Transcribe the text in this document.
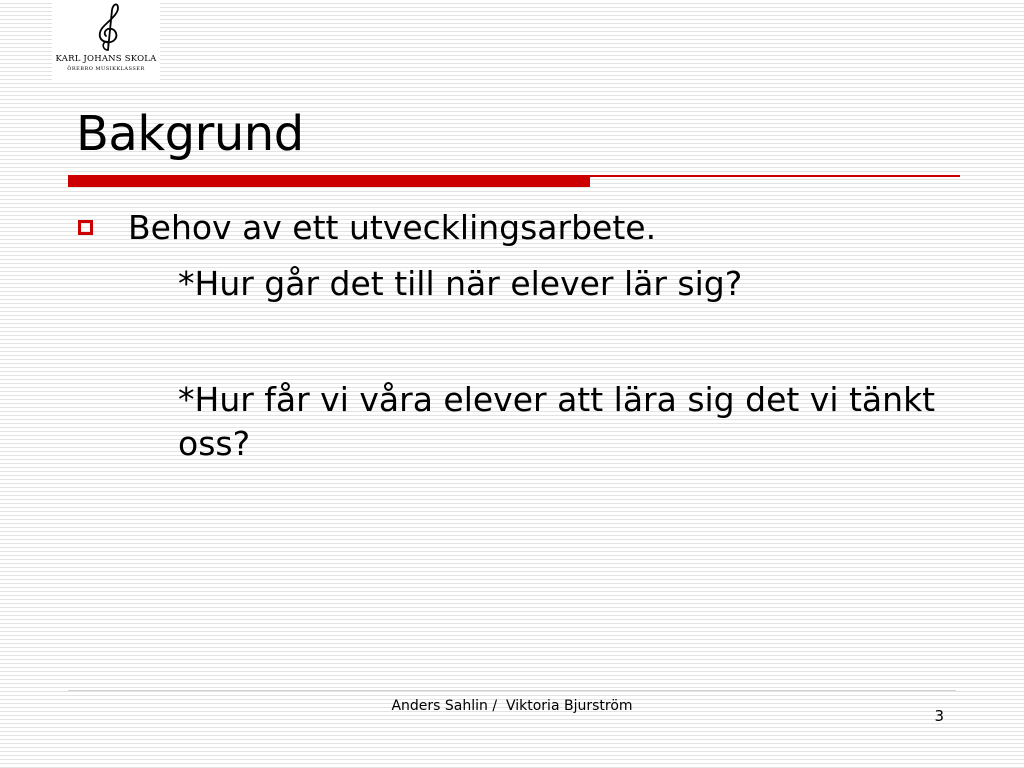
KARL JOHANS SKOLA
ÖREBRO MUSIKKLASSER
Bakgrund
Behov av ett utvecklingsarbete.
*Hur går det till när elever lär sig?
*Hur får vi våra elever att lära sig det vi tänkt oss?
Anders Sahlin /  Viktoria Bjurström
3
